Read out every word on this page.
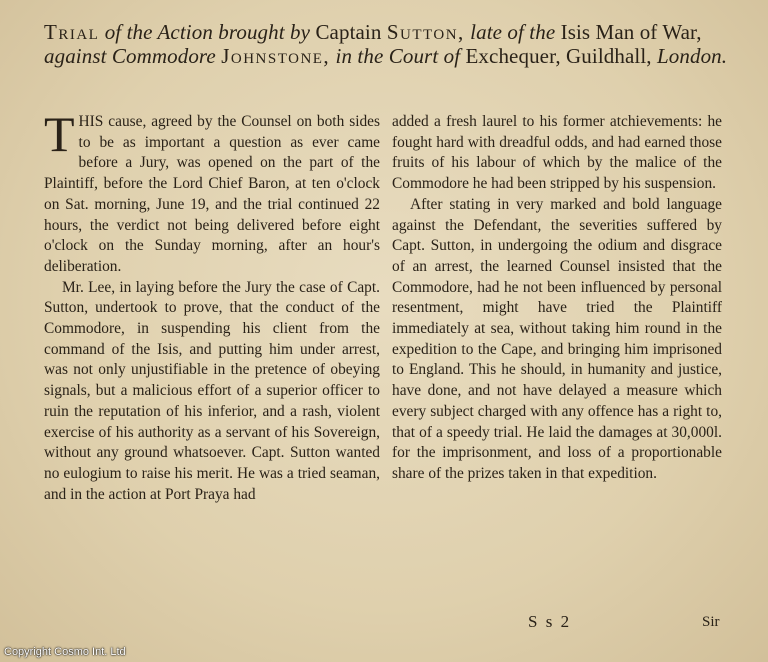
Trial of the Action brought by Captain Sutton, late of the Isis Man of War, against Commodore Johnstone, in the Court of Exchequer, Guildhall, London.

THIS cause, agreed by the Counsel on both sides to be as important a question as ever came before a Jury, was opened on the part of the Plaintiff, before the Lord Chief Baron, at ten o'clock on Sat. morning, June 19, and the trial continued 22 hours, the verdict not being delivered before eight o'clock on the Sunday morning, after an hour's deliberation.

Mr. Lee, in laying before the Jury the case of Capt. Sutton, undertook to prove, that the conduct of the Commodore, in suspending his client from the command of the Isis, and putting him under arrest, was not only unjustifiable in the pretence of obeying signals, but a malicious effort of a superior officer to ruin the reputation of his inferior, and a rash, violent exercise of his authority as a servant of his Sovereign, without any ground whatsoever. Capt. Sutton wanted no eulogium to raise his merit. He was a tried seaman, and in the action at Port Praya had

added a fresh laurel to his former atchievements: he fought hard with dreadful odds, and had earned those fruits of his labour of which by the malice of the Commodore he had been stripped by his suspension.

After stating in very marked and bold language against the Defendant, the severities suffered by Capt. Sutton, in undergoing the odium and disgrace of an arrest, the learned Counsel insisted that the Commodore, had he not been influenced by personal resentment, might have tried the Plaintiff immediately at sea, without taking him round in the expedition to the Cape, and bringing him imprisoned to England. This he should, in humanity and justice, have done, and not have delayed a measure which every subject charged with any offence has a right to, that of a speedy trial. He laid the damages at 30,000l. for the imprisonment, and loss of a proportionable share of the prizes taken in that expedition.

S s 2	Sir
Copyright Cosmo Int. Ltd
